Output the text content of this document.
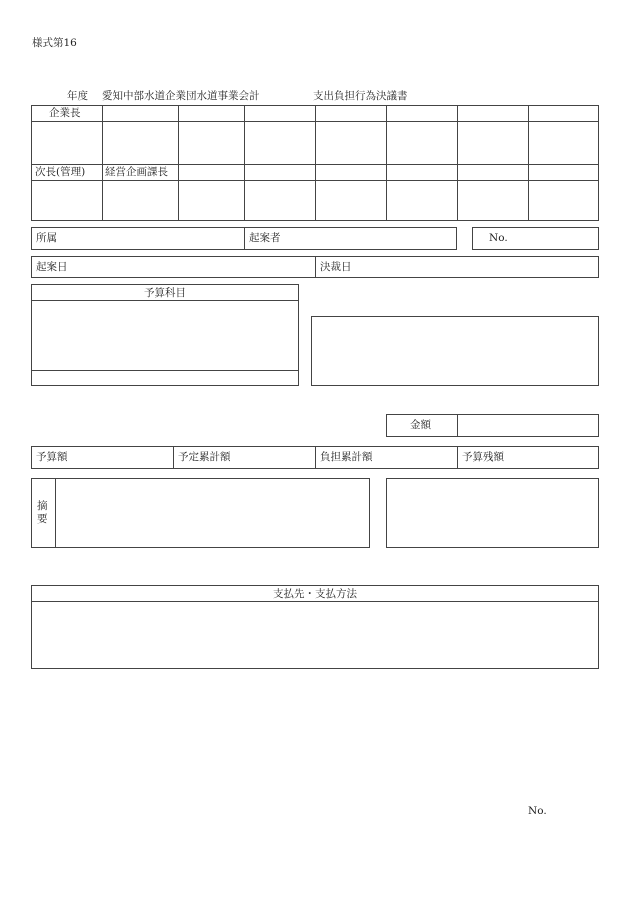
様式第16
年度 愛知中部水道企業団水道事業会計	支出負担行為決議書
企業長
次長(管理) 経営企画課長
所属	起案者	No.
起案日	決裁日
予算科目
金額
予算額	予定累計額	負担累計額	予算残額
摘要
支払先・支払方法
No.
